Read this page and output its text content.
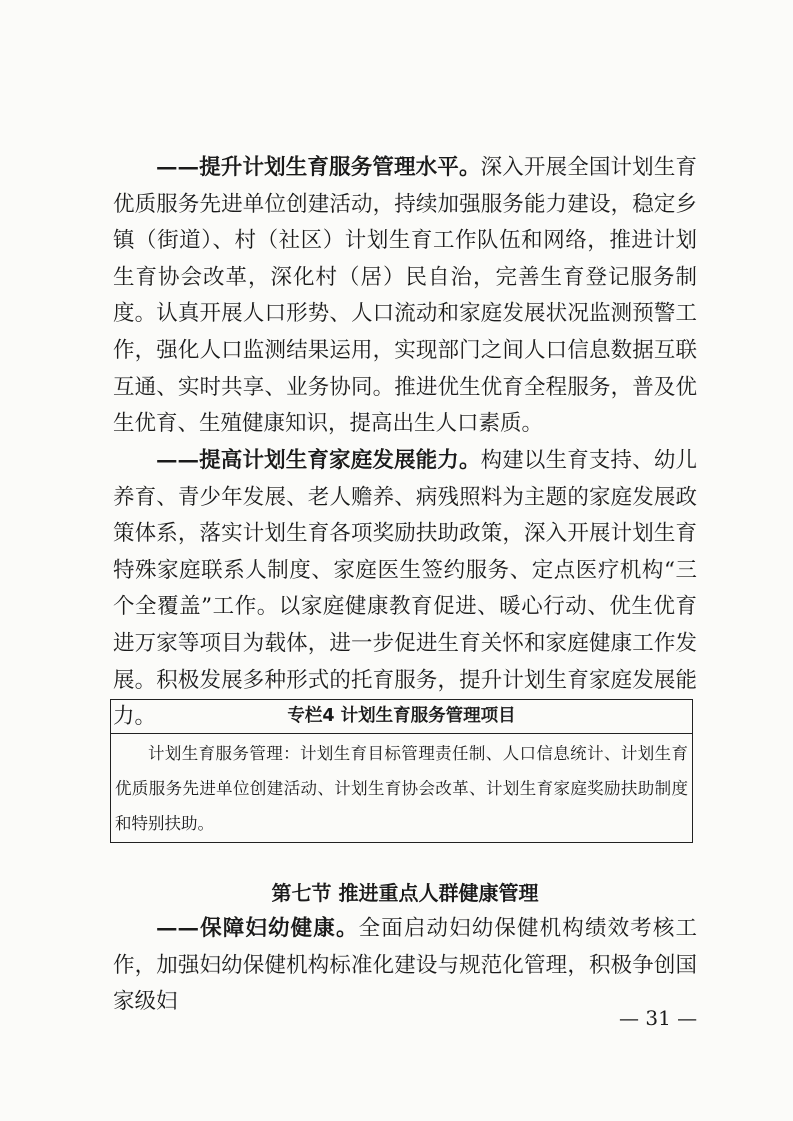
——提升计划生育服务管理水平。深入开展全国计划生育优质服务先进单位创建活动，持续加强服务能力建设，稳定乡镇（街道）、村（社区）计划生育工作队伍和网络，推进计划生育协会改革，深化村（居）民自治，完善生育登记服务制度。认真开展人口形势、人口流动和家庭发展状况监测预警工作，强化人口监测结果运用，实现部门之间人口信息数据互联互通、实时共享、业务协同。推进优生优育全程服务，普及优生优育、生殖健康知识，提高出生人口素质。

——提高计划生育家庭发展能力。构建以生育支持、幼儿养育、青少年发展、老人赡养、病残照料为主题的家庭发展政策体系，落实计划生育各项奖励扶助政策，深入开展计划生育特殊家庭联系人制度、家庭医生签约服务、定点医疗机构“三个全覆盖”工作。以家庭健康教育促进、暖心行动、优生优育进万家等项目为载体，进一步促进生育关怀和家庭健康工作发展。积极发展多种形式的托育服务，提升计划生育家庭发展能力。	专栏4 计划生育服务管理项目
计划生育服务管理：计划生育目标管理责任制、人口信息统计、计划生育优质服务先进单位创建活动、计划生育协会改革、计划生育家庭奖励扶助制度和特别扶助。
第七节 推进重点人群健康管理

——保障妇幼健康。全面启动妇幼保健机构绩效考核工作，加强妇幼保健机构标准化建设与规范化管理，积极争创国家级妇

— 31 —
